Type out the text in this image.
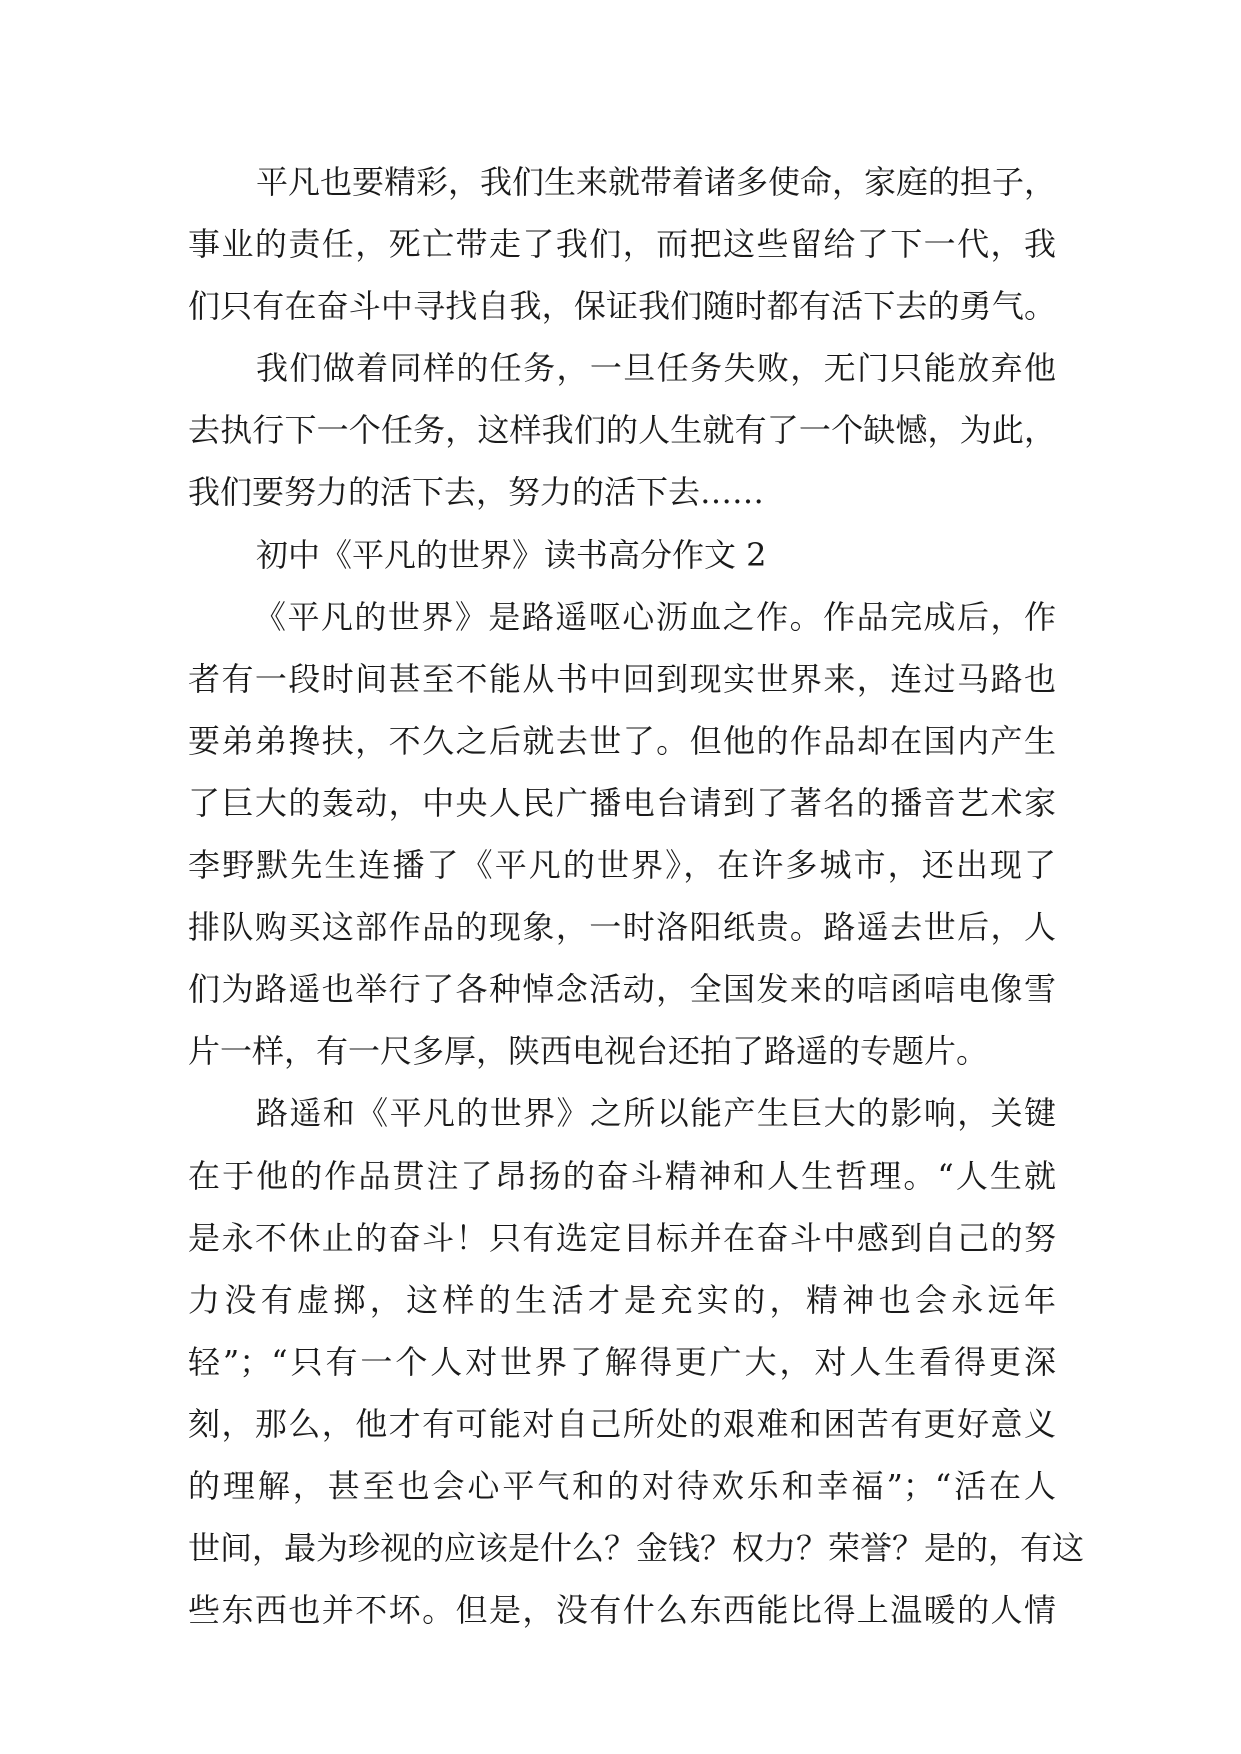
平凡也要精彩，我们生来就带着诸多使命，家庭的担子，
事业的责任，死亡带走了我们，而把这些留给了下一代，我
们只有在奋斗中寻找自我，保证我们随时都有活下去的勇气。
我们做着同样的任务，一旦任务失败，无门只能放弃他
去执行下一个任务，这样我们的人生就有了一个缺憾，为此，
我们要努力的活下去，努力的活下去……
初中《平凡的世界》读书高分作文 2
《平凡的世界》是路遥呕心沥血之作。作品完成后，作
者有一段时间甚至不能从书中回到现实世界来，连过马路也
要弟弟搀扶，不久之后就去世了。但他的作品却在国内产生
了巨大的轰动，中央人民广播电台请到了著名的播音艺术家
李野默先生连播了《平凡的世界》，在许多城市，还出现了
排队购买这部作品的现象，一时洛阳纸贵。路遥去世后，人
们为路遥也举行了各种悼念活动，全国发来的唁函唁电像雪
片一样，有一尺多厚，陕西电视台还拍了路遥的专题片。
路遥和《平凡的世界》之所以能产生巨大的影响，关键
在于他的作品贯注了昂扬的奋斗精神和人生哲理。“人生就
是永不休止的奋斗！只有选定目标并在奋斗中感到自己的努
力没有虚掷，这样的生活才是充实的，精神也会永远年
轻”；“只有一个人对世界了解得更广大，对人生看得更深
刻，那么，他才有可能对自己所处的艰难和困苦有更好意义
的理解，甚至也会心平气和的对待欢乐和幸福”；“活在人
世间，最为珍视的应该是什么？金钱？权力？荣誉？是的，有这
些东西也并不坏。但是，没有什么东西能比得上温暖的人情
